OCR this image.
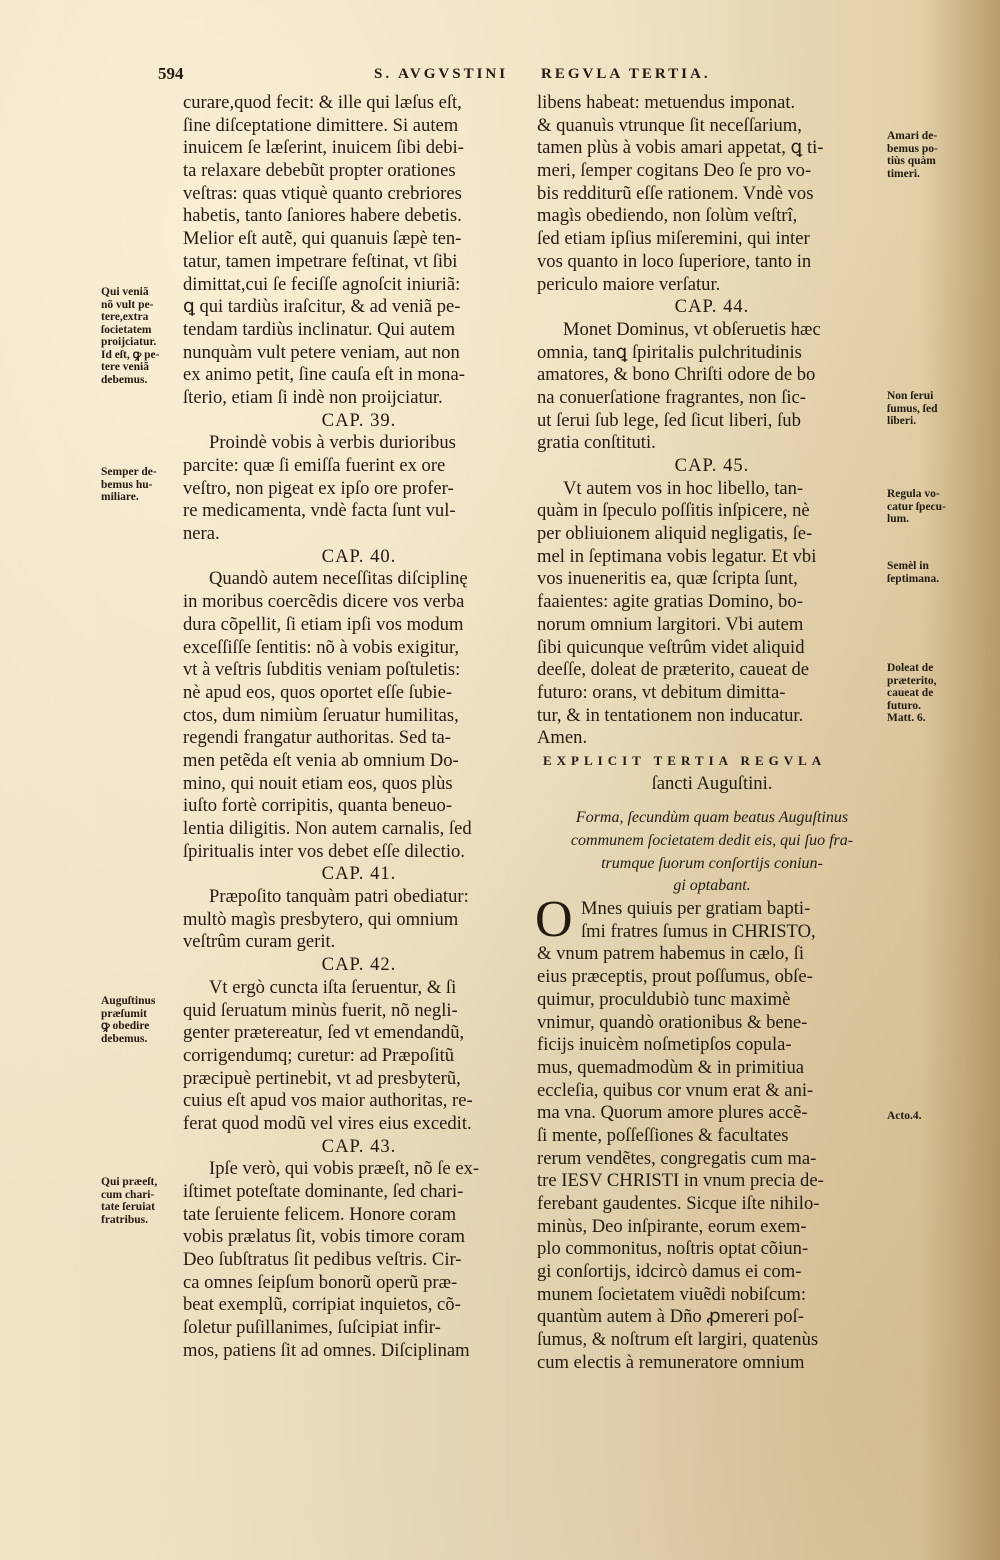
594	S. AVGVSTINI REGVLA TERTIA.
curare,quod fecit: & ille qui læſus eſt,
ſine diſceptatione dimittere. Si autem
inuicem ſe læſerint, inuicem ſibi debi-
ta relaxare debebũt propter orationes
veſtras: quas vtiquè quanto crebriores
habetis, tanto ſaniores habere debetis.
Melior eſt autẽ, qui quanuis ſæpè ten-
tatur, tamen impetrare feſtinat, vt ſibi
dimittat,cui ſe feciſſe agnoſcit iniuriã:
ꝗ qui tardiùs iraſcitur, & ad veniã pe-
tendam tardiùs inclinatur. Qui autem
nunquàm vult petere veniam, aut non
ex animo petit, ſine cauſa eſt in mona-
ſterio, etiam ſi indè non proijciatur.
CAP. 39.
Proindè vobis à verbis durioribus
parcite: quæ ſi emiſſa fuerint ex ore
veſtro, non pigeat ex ipſo ore profer-
re medicamenta, vndè facta ſunt vul-
nera.
CAP. 40.
Quandò autem neceſſitas diſciplinę
in moribus coercẽdis dicere vos verba
dura cõpellit, ſi etiam ipſi vos modum
exceſſiſſe ſentitis: nõ à vobis exigitur,
vt à veſtris ſubditis veniam poſtuletis:
nè apud eos, quos oportet eſſe ſubie-
ctos, dum nimiùm ſeruatur humilitas,
regendi frangatur authoritas. Sed ta-
men petẽda eſt venia ab omnium Do-
mino, qui nouit etiam eos, quos plùs
iuſto fortè corripitis, quanta beneuo-
lentia diligitis. Non autem carnalis, ſed
ſpiritualis inter vos debet eſſe dilectio.
CAP. 41.
Præpoſito tanquàm patri obediatur:
multò magìs presbytero, qui omnium
veſtrûm curam gerit.
CAP. 42.
Vt ergò cuncta iſta ſeruentur, & ſi
quid ſeruatum minùs fuerit, nõ negli-
genter prætereatur, ſed vt emendandũ,
corrigendumq; curetur: ad Præpoſitũ
præcipuè pertinebit, vt ad presbyterũ,
cuius eſt apud vos maior authoritas, re-
ferat quod modũ vel vires eius excedit.
CAP. 43.
Ipſe verò, qui vobis præeſt, nõ ſe ex-
iſtimet poteſtate dominante, ſed chari-
tate ſeruiente felicem. Honore coram
vobis prælatus ſit, vobis timore coram
Deo ſubſtratus ſit pedibus veſtris. Cir-
ca omnes ſeipſum bonorũ operũ præ-
beat exemplũ, corripiat inquietos, cõ-
ſoletur puſillanimes, ſuſcipiat infir-
mos, patiens ſit ad omnes. Diſciplinam
libens habeat: metuendus imponat.
& quanuìs vtrunque ſit neceſſarium,
tamen plùs à vobis amari appetat, ꝗ ti-
meri, ſemper cogitans Deo ſe pro vo-
bis redditurũ eſſe rationem. Vndè vos
magìs obediendo, non ſolùm veſtrî,
ſed etiam ipſius miſeremini, qui inter
vos quanto in loco ſuperiore, tanto in
periculo maiore verſatur.
CAP. 44.
Monet Dominus, vt obſeruetis hæc
omnia, tanꝗ ſpiritalis pulchritudinis
amatores, & bono Chriſti odore de bo
na conuerſatione fragrantes, non ſic-
ut ſerui ſub lege, ſed ſicut liberi, ſub
gratia conſtituti.
CAP. 45.
Vt autem vos in hoc libello, tan-
quàm in ſpeculo poſſitis inſpicere, nè
per obliuionem aliquid negligatis, ſe-
mel in ſeptimana vobis legatur. Et vbi
vos inueneritis ea, quæ ſcripta ſunt,
faaientes: agite gratias Domino, bo-
norum omnium largitori. Vbi autem
ſibi quicunque veſtrûm videt aliquid
deeſſe, doleat de præterito, caueat de
futuro: orans, vt debitum dimitta-
tur, & in tentationem non inducatur.
Amen.
EXPLICIT TERTIA REGVLA
ſancti Auguſtini.
Forma, ſecundùm quam beatus Auguſtinus
communem ſocietatem dedit eis, qui ſuo fra-
trumque ſuorum conſortijs coniun-
gi optabant.
O Mnes quiuis per gratiam bapti-
ſmi fratres ſumus in CHRISTO,
& vnum patrem habemus in cælo, ſi
eius præceptis, prout poſſumus, obſe-
quimur, proculdubiò tunc maximè
vnimur, quandò orationibus & bene-
ficijs inuicèm noſmetipſos copula-
mus, quemadmodùm & in primitiua
eccleſia, quibus cor vnum erat & ani-
ma vna. Quorum amore plures accẽ-
ſi mente, poſſeſſiones & facultates
rerum vendẽtes, congregatis cum ma-
tre IESV CHRISTI in vnum precia de-
ferebant gaudentes. Sicque iſte nihilo-
minùs, Deo inſpirante, eorum exem-
plo commonitus, noſtris optat cõiun-
gi conſortijs, idcircò damus ei com-
munem ſocietatem viuẽdi nobiſcum:
quantùm autem à Dño ꝓmereri poſ-
ſumus, & noſtrum eſt largiri, quatenùs
cum electis à remuneratore omnium
Qui veniã
nõ vult pe-
tere,extra
ſocietatem
proijciatur.
Id eſt, ꝙ pe-
tere veniã
debemus.
Semper de-
bemus hu-
miliare.
Auguſtinus
præſumit
ꝙ obedire
debemus.
Qui præeſt,
cum chari-
tate ſeruiat
fratribus.
Amari de-
bemus po-
tiùs quàm
timeri.
Non ſerui
ſumus, ſed
liberi.
Regula vo-
catur ſpecu-
lum.
Semèl in
ſeptimana.
Doleat de
præterito,
caueat de
futuro.
Matt. 6.
Acto.4.
